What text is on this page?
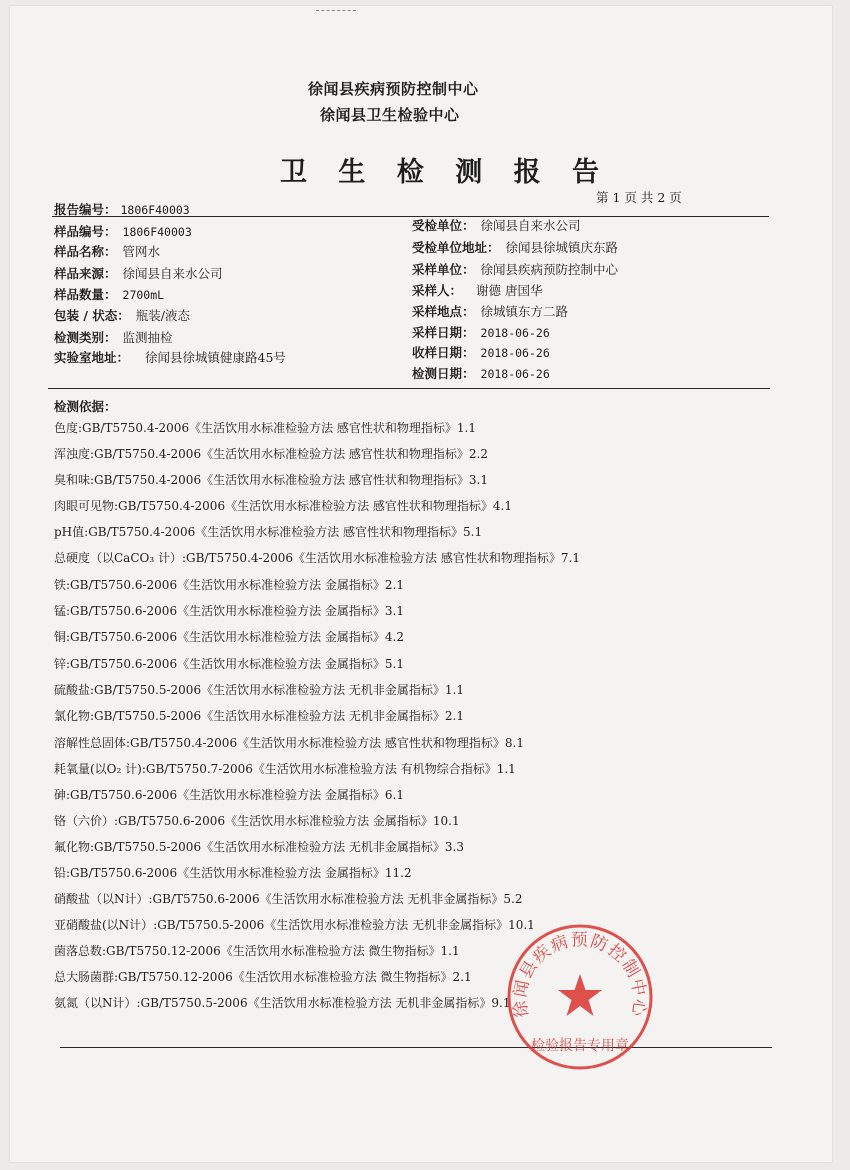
徐闻县疾病预防控制中心
徐闻县卫生检验中心
卫 生 检 测 报 告
第 1 页 共 2 页
报告编号： 1806F40003
样品编号： 1806F40003
样品名称： 管网水
样品来源： 徐闻县自来水公司
样品数量： 2700mL
包装 / 状态： 瓶装/液态
检测类别： 监测抽检
实验室地址： 徐闻县徐城镇健康路45号
受检单位： 徐闻县自来水公司
受检单位地址： 徐闻县徐城镇庆东路
采样单位： 徐闻县疾病预防控制中心
采样人： 谢德 唐国华
采样地点： 徐城镇东方二路
采样日期： 2018-06-26
收样日期： 2018-06-26
检测日期： 2018-06-26
检测依据：
色度:GB/T5750.4-2006《生活饮用水标准检验方法 感官性状和物理指标》1.1
浑浊度:GB/T5750.4-2006《生活饮用水标准检验方法 感官性状和物理指标》2.2
臭和味:GB/T5750.4-2006《生活饮用水标准检验方法 感官性状和物理指标》3.1
肉眼可见物:GB/T5750.4-2006《生活饮用水标准检验方法 感官性状和物理指标》4.1
pH值:GB/T5750.4-2006《生活饮用水标准检验方法 感官性状和物理指标》5.1
总硬度（以CaCO₃ 计）:GB/T5750.4-2006《生活饮用水标准检验方法 感官性状和物理指标》7.1
铁:GB/T5750.6-2006《生活饮用水标准检验方法 金属指标》2.1
锰:GB/T5750.6-2006《生活饮用水标准检验方法 金属指标》3.1
铜:GB/T5750.6-2006《生活饮用水标准检验方法 金属指标》4.2
锌:GB/T5750.6-2006《生活饮用水标准检验方法 金属指标》5.1
硫酸盐:GB/T5750.5-2006《生活饮用水标准检验方法 无机非金属指标》1.1
氯化物:GB/T5750.5-2006《生活饮用水标准检验方法 无机非金属指标》2.1
溶解性总固体:GB/T5750.4-2006《生活饮用水标准检验方法 感官性状和物理指标》8.1
耗氧量(以O₂ 计):GB/T5750.7-2006《生活饮用水标准检验方法 有机物综合指标》1.1
砷:GB/T5750.6-2006《生活饮用水标准检验方法 金属指标》6.1
铬（六价）:GB/T5750.6-2006《生活饮用水标准检验方法 金属指标》10.1
氟化物:GB/T5750.5-2006《生活饮用水标准检验方法 无机非金属指标》3.3
铅:GB/T5750.6-2006《生活饮用水标准检验方法 金属指标》11.2
硝酸盐（以N计）:GB/T5750.6-2006《生活饮用水标准检验方法 无机非金属指标》5.2
亚硝酸盐(以N计）:GB/T5750.5-2006《生活饮用水标准检验方法 无机非金属指标》10.1
菌落总数:GB/T5750.12-2006《生活饮用水标准检验方法 微生物指标》1.1
总大肠菌群:GB/T5750.12-2006《生活饮用水标准检验方法 微生物指标》2.1
氨氮（以N计）:GB/T5750.5-2006《生活饮用水标准检验方法 无机非金属指标》9.1 徐闻县疾病预防控制中心
检验报告专用章
